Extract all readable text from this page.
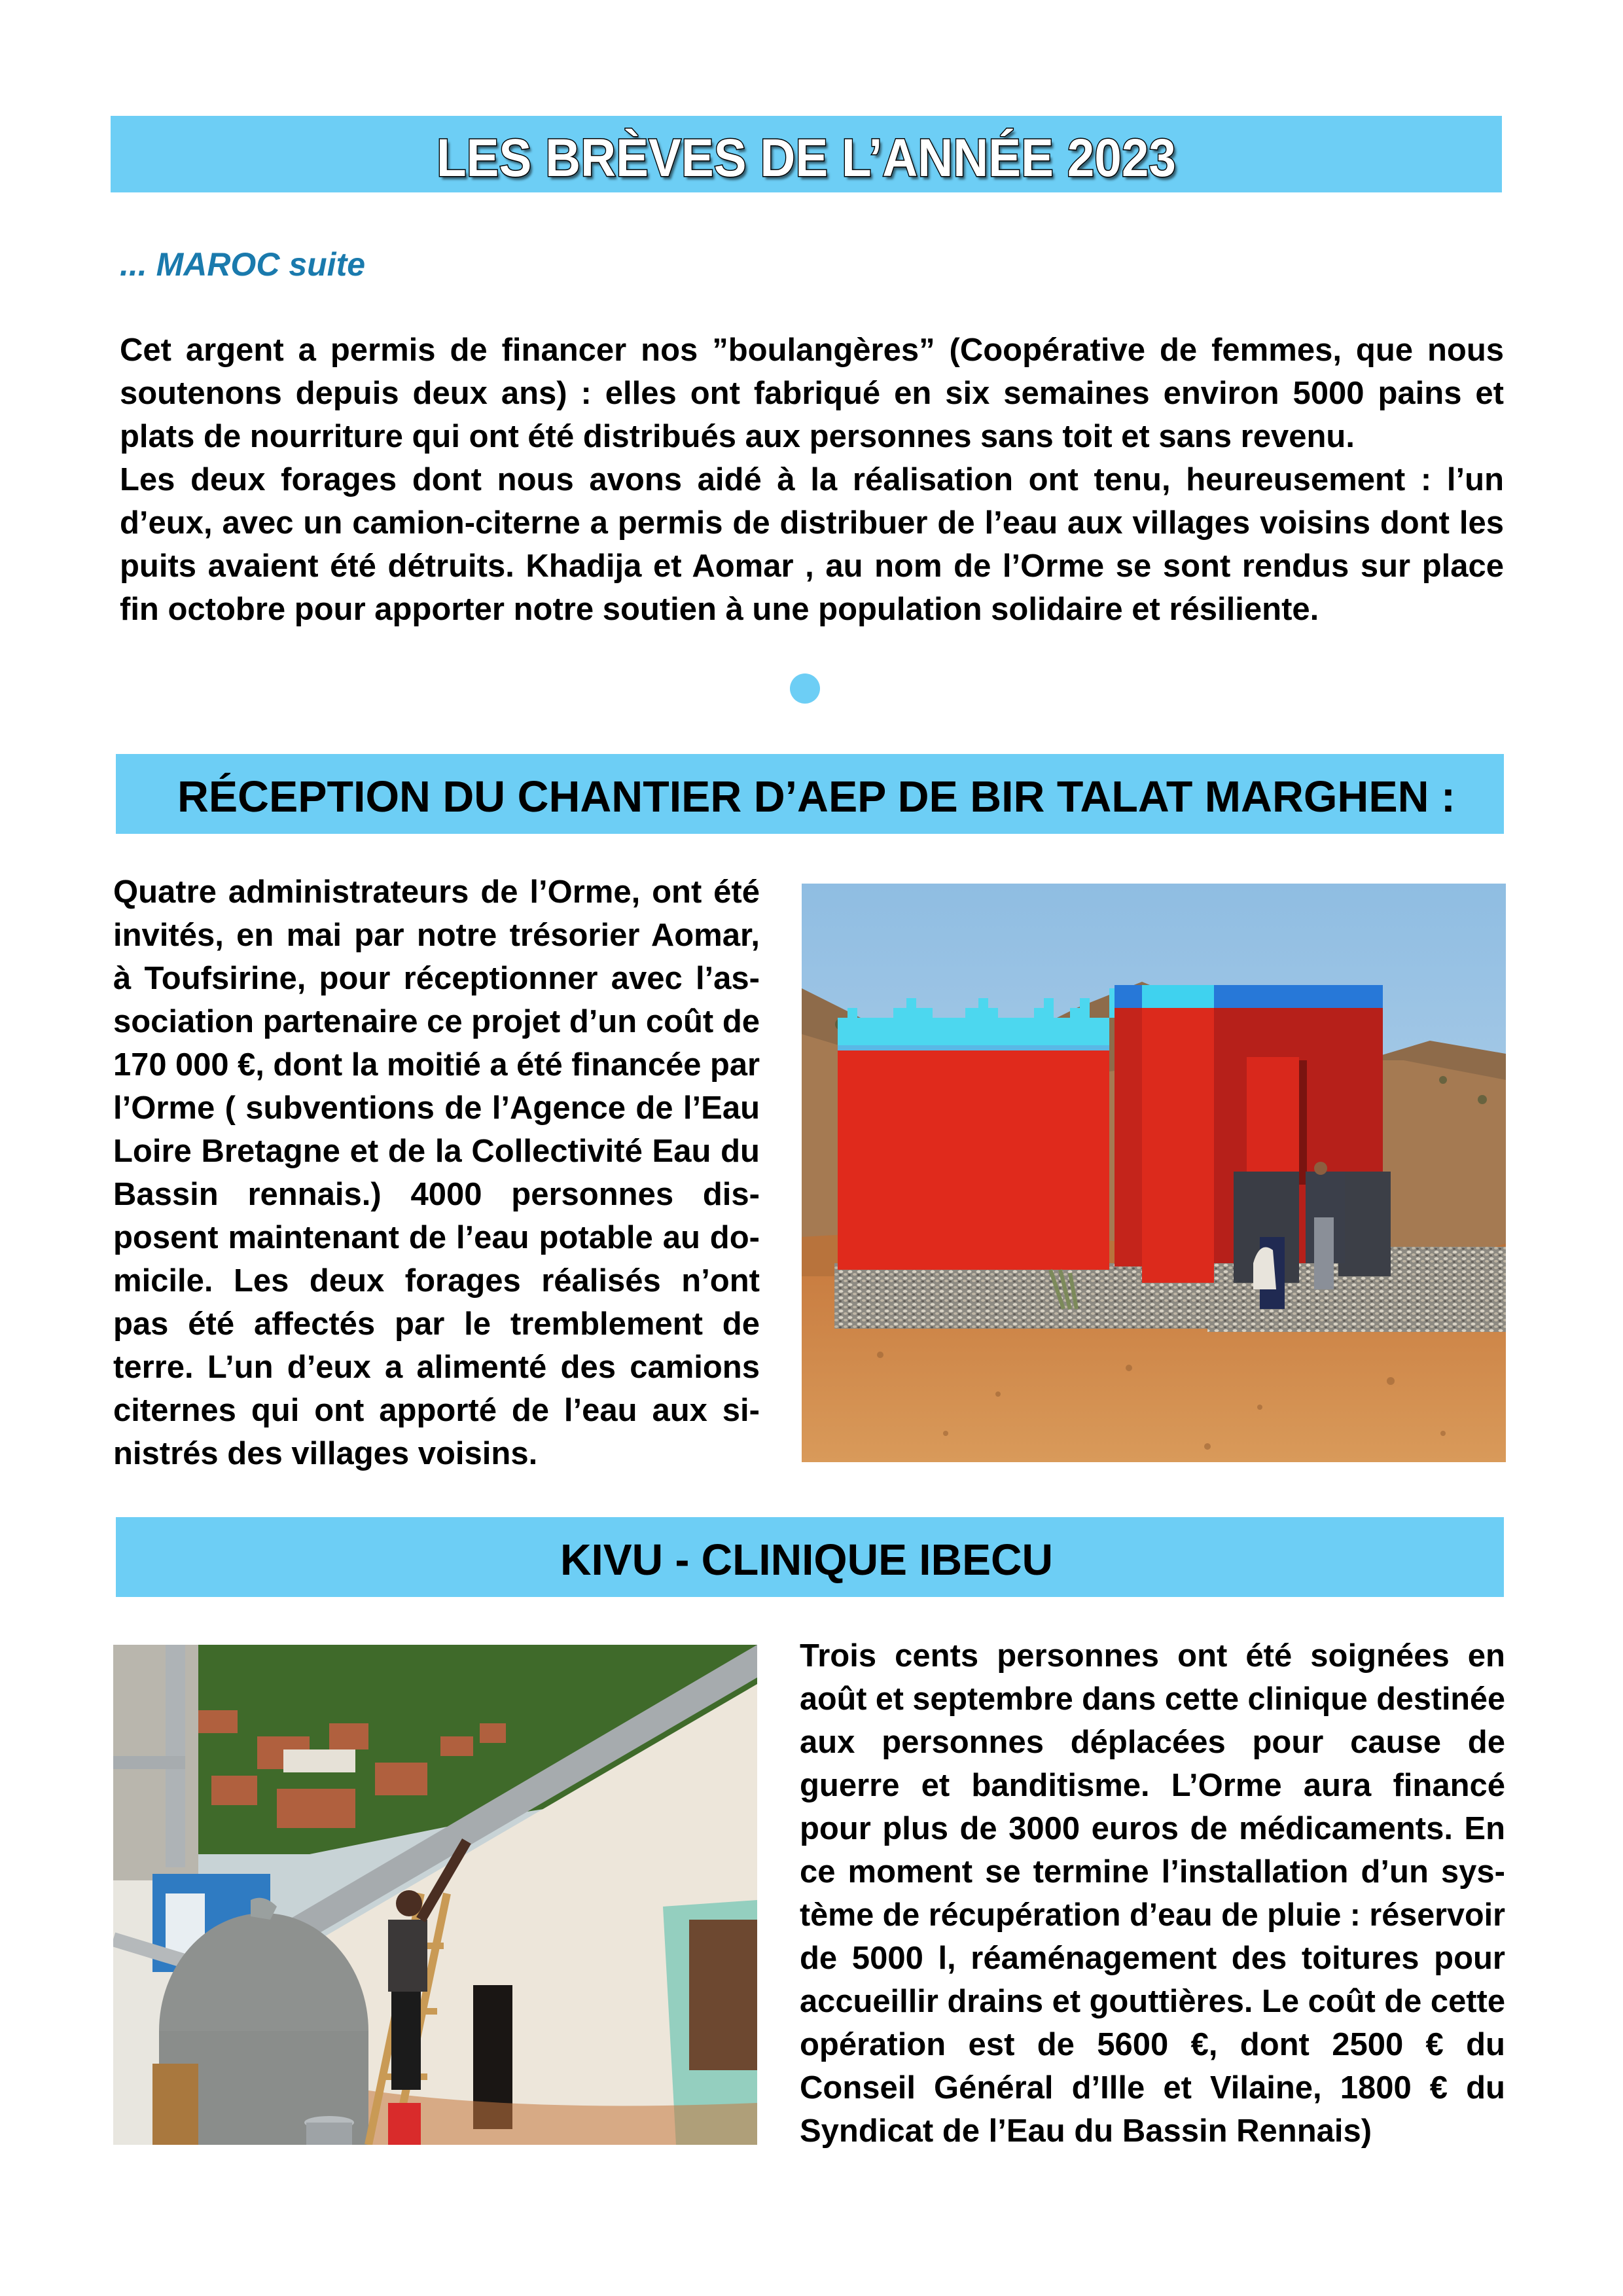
LES BRÈVES DE L’ANNÉE 2023
... MAROC suite
Cet argent a permis de financer nos ”boulangères” (Coopérative de femmes, que nous
soutenons depuis deux ans) : elles ont fabriqué en six semaines environ 5000 pains et
plats de nourriture qui ont été distribués aux personnes sans toit et sans revenu.
Les deux forages dont nous avons aidé à la réalisation ont tenu, heureusement : l’un
d’eux, avec un camion-citerne a permis de distribuer de l’eau aux villages voisins dont les
puits avaient été détruits. Khadija et Aomar , au nom de l’Orme se sont rendus sur place
fin octobre pour apporter notre soutien à une population solidaire et résiliente.
RÉCEPTION DU CHANTIER D’AEP DE BIR TALAT MARGHEN :
Quatre administrateurs de l’Orme, ont été
invités, en mai par notre trésorier Aomar,
à Toufsirine, pour réceptionner avec l’as-
sociation partenaire ce projet d’un coût de
170 000 €, dont la moitié a été financée par
l’Orme ( subventions de l’Agence de l’Eau
Loire Bretagne et de la Collectivité Eau du
Bassin rennais.) 4000 personnes dis-
posent maintenant de l’eau potable au do-
micile. Les deux forages réalisés n’ont
pas été affectés par le tremblement de
terre. L’un d’eux a alimenté des camions
citernes qui ont apporté de l’eau aux si-
nistrés des villages voisins.
KIVU - CLINIQUE IBECU
Trois cents personnes ont été soignées en
août et septembre dans cette clinique destinée
aux personnes déplacées pour cause de
guerre et banditisme. L’Orme aura financé
pour plus de 3000 euros de médicaments. En
ce moment se termine l’installation d’un sys-
tème de récupération d’eau de pluie : réservoir
de 5000 l, réaménagement des toitures pour
accueillir drains et gouttières. Le coût de cette
opération est de 5600 €, dont 2500 € du
Conseil Général d’Ille et Vilaine, 1800 € du
Syndicat de l’Eau du Bassin Rennais)
